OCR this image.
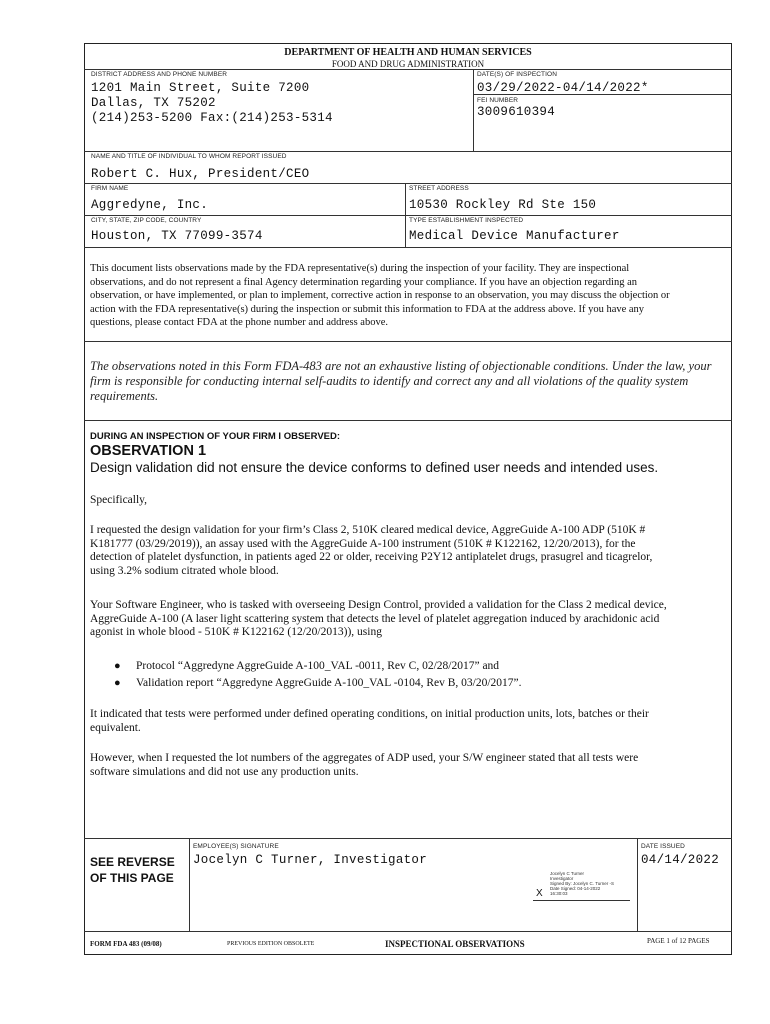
DEPARTMENT OF HEALTH AND HUMAN SERVICES
FOOD AND DRUG ADMINISTRATION
DISTRICT ADDRESS AND PHONE NUMBER
1201 Main Street, Suite 7200
Dallas, TX 75202
(214)253-5200 Fax:(214)253-5314
DATE(S) OF INSPECTION
03/29/2022-04/14/2022*
FEI NUMBER
3009610394
NAME AND TITLE OF INDIVIDUAL TO WHOM REPORT ISSUED
Robert C. Hux, President/CEO
FIRM NAME
Aggredyne, Inc.
STREET ADDRESS
10530 Rockley Rd Ste 150
CITY, STATE, ZIP CODE, COUNTRY
Houston, TX 77099-3574
TYPE ESTABLISHMENT INSPECTED
Medical Device Manufacturer
This document lists observations made by the FDA representative(s) during the inspection of your facility. They are inspectional
observations, and do not represent a final Agency determination regarding your compliance. If you have an objection regarding an
observation, or have implemented, or plan to implement, corrective action in response to an observation, you may discuss the objection or
action with the FDA representative(s) during the inspection or submit this information to FDA at the address above. If you have any
questions, please contact FDA at the phone number and address above.
The observations noted in this Form FDA-483 are not an exhaustive listing of objectionable conditions. Under the law, your
firm is responsible for conducting internal self-audits to identify and correct any and all violations of the quality system
requirements.
DURING AN INSPECTION OF YOUR FIRM I OBSERVED:
OBSERVATION 1
Design validation did not ensure the device conforms to defined user needs and intended uses.
Specifically,
I requested the design validation for your firm’s Class 2, 510K cleared medical device, AggreGuide A-100 ADP (510K #
K181777 (03/29/2019)), an assay used with the AggreGuide A-100 instrument (510K # K122162, 12/20/2013), for the
detection of platelet dysfunction, in patients aged 22 or older, receiving P2Y12 antiplatelet drugs, prasugrel and ticagrelor,
using 3.2% sodium citrated whole blood.
Your Software Engineer, who is tasked with overseeing Design Control, provided a validation for the Class 2 medical device,
AggreGuide A-100 (A laser light scattering system that detects the level of platelet aggregation induced by arachidonic acid
agonist in whole blood - 510K # K122162 (12/20/2013)), using
● Protocol “Aggredyne AggreGuide A-100_VAL -0011, Rev C, 02/28/2017” and
● Validation report “Aggredyne AggreGuide A-100_VAL -0104, Rev B, 03/20/2017”.
It indicated that tests were performed under defined operating conditions, on initial production units, lots, batches or their
equivalent.
However, when I requested the lot numbers of the aggregates of ADP used, your S/W engineer stated that all tests were
software simulations and did not use any production units.
SEE REVERSE
OF THIS PAGE
EMPLOYEE(S) SIGNATURE
Jocelyn C Turner, Investigator
Jocelyn C Turner
Investigator
Signed By: Jocelyn C. Turner -S
Date Signed: 04-14-2022
16:30:03
X
DATE ISSUED
04/14/2022
FORM FDA 483 (09/08)	PREVIOUS EDITION OBSOLETE	INSPECTIONAL OBSERVATIONS	PAGE 1 of 12 PAGES
